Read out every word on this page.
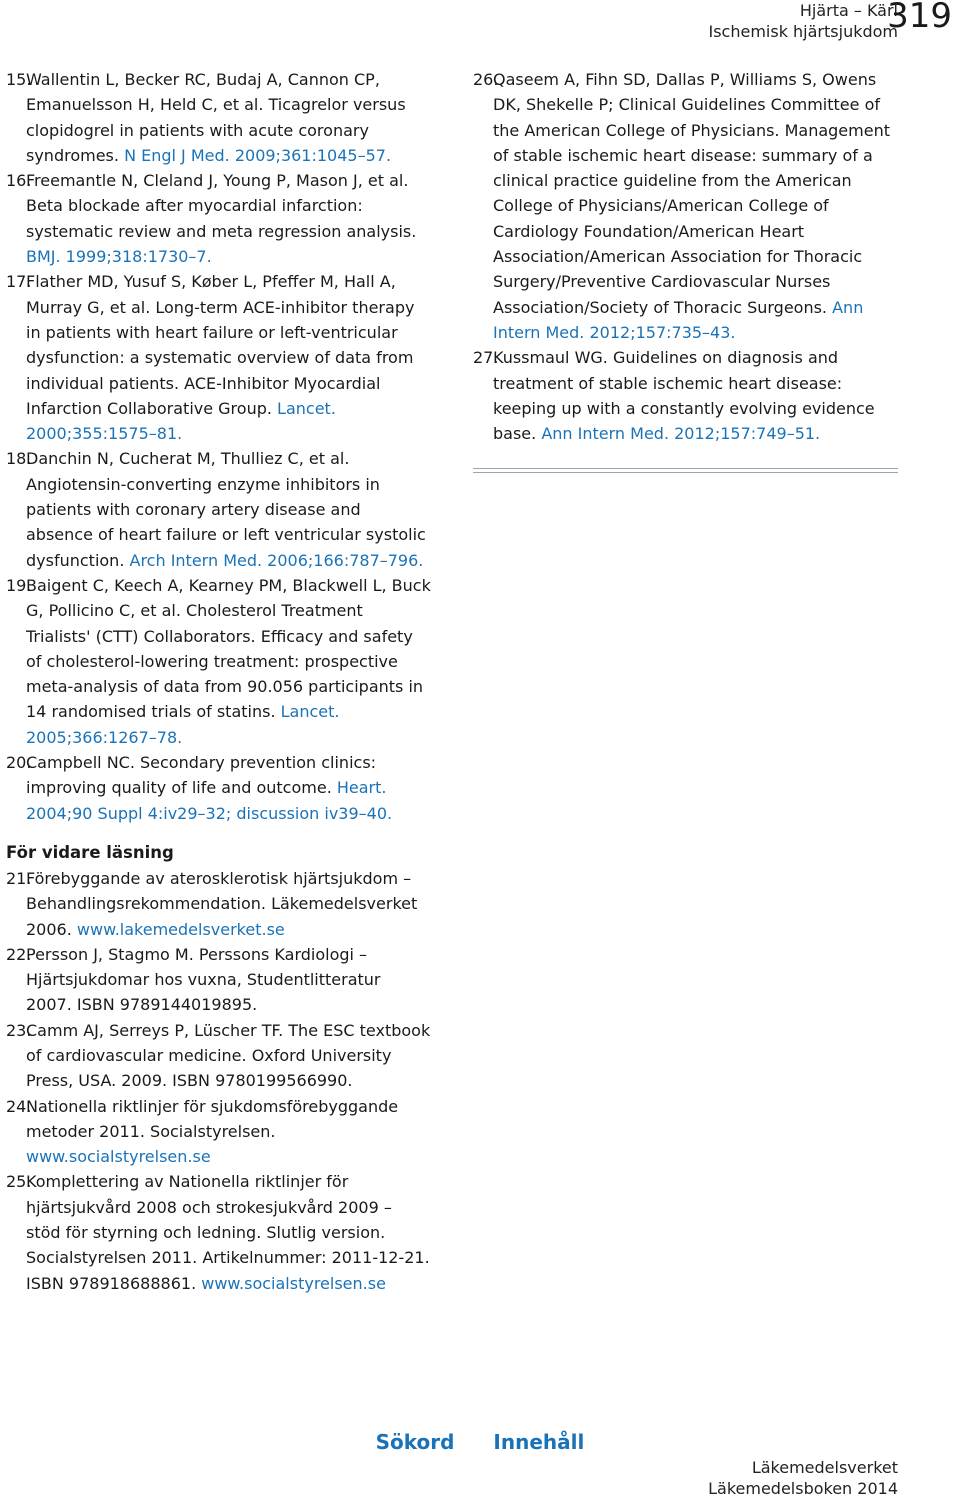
Hjärta – Kärl
Ischemisk hjärtsjukdom
319
15.

Wallentin L, Becker RC, Budaj A, Cannon CP, Emanuelsson H, Held C, et al. Ticagrelor versus clopidogrel in patients with acute coronary syndromes. N Engl J Med. 2009;361:1045–57.

16.

Freemantle N, Cleland J, Young P, Mason J, et al. Beta blockade after myocardial infarction: systematic review and meta regression analysis. BMJ. 1999;318:1730–7.

17.

Flather MD, Yusuf S, Køber L, Pfeffer M, Hall A, Murray G, et al. Long-term ACE-inhibitor therapy in patients with heart failure or left-ventricular dysfunction: a systematic overview of data from individual patients. ACE-Inhibitor Myocardial Infarction Collaborative Group. Lancet. 2000;355:1575–81.

18.

Danchin N, Cucherat M, Thulliez C, et al. Angiotensin-converting enzyme inhibitors in patients with coronary artery disease and absence of heart failure or left ventricular systolic dysfunction. Arch Intern Med. 2006;166:787–796.

19.

Baigent C, Keech A, Kearney PM, Blackwell L, Buck G, Pollicino C, et al. Cholesterol Treatment Trialists' (CTT) Collaborators. Efficacy and safety of cholesterol-lowering treatment: prospective meta-analysis of data from 90.056 participants in 14 randomised trials of statins. Lancet. 2005;366:1267–78.

20.

Campbell NC. Secondary prevention clinics: improving quality of life and outcome. Heart. 2004;90 Suppl 4:iv29–32; discussion iv39–40.

För vidare läsning
21.

Förebyggande av aterosklerotisk hjärtsjukdom – Behandlingsrekommendation. Läkemedelsverket 2006. www.lakemedelsverket.se

22.

Persson J, Stagmo M. Perssons Kardiologi – Hjärtsjukdomar hos vuxna, Studentlitteratur 2007. ISBN 9789144019895.

23.

Camm AJ, Serreys P, Lüscher TF. The ESC textbook of cardiovascular medicine. Oxford University Press, USA. 2009. ISBN 9780199566990.

24.

Nationella riktlinjer för sjukdomsförebyggande metoder 2011. Socialstyrelsen. www.socialstyrelsen.se

25.

Komplettering av Nationella riktlinjer för hjärtsjukvård 2008 och strokesjukvård 2009 – stöd för styrning och ledning. Slutlig version. Socialstyrelsen 2011. Artikelnummer: 2011-12-21. ISBN 978918688861. www.socialstyrelsen.se

26.

Qaseem A, Fihn SD, Dallas P, Williams S, Owens DK, Shekelle P; Clinical Guidelines Committee of the American College of Physicians. Management of stable ischemic heart disease: summary of a clinical practice guideline from the American College of Physicians/American College of Cardiology Foundation/American Heart Association/American Association for Thoracic Surgery/Preventive Cardiovascular Nurses Association/Society of Thoracic Surgeons. Ann Intern Med. 2012;157:735–43.

27.

Kussmaul WG. Guidelines on diagnosis and treatment of stable ischemic heart disease: keeping up with a constantly evolving evidence base. Ann Intern Med. 2012;157:749–51.

Sökord Innehåll
Läkemedelsverket
Läkemedelsboken 2014
